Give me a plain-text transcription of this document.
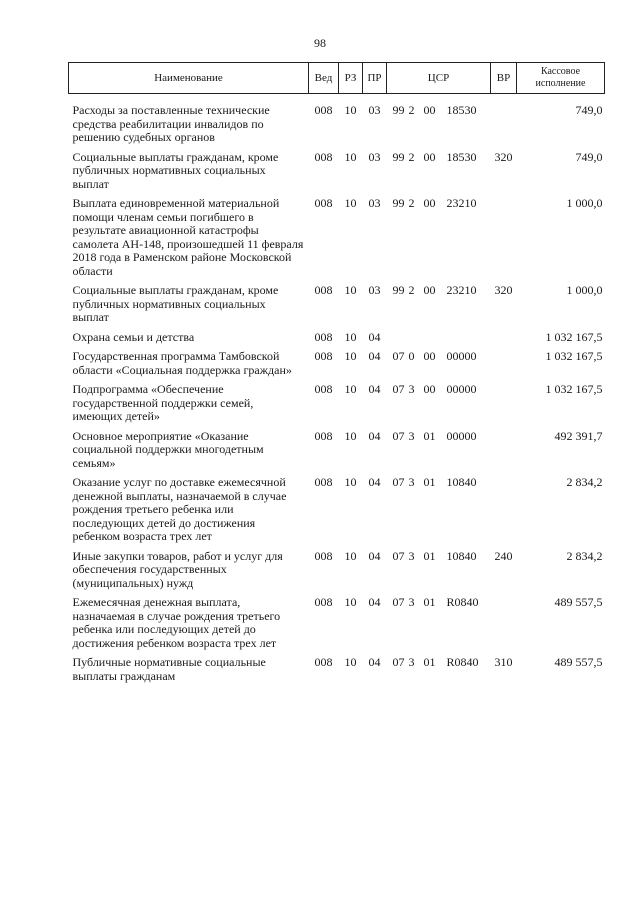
98
Наименование	Вед	РЗ	ПР	ЦСР	ВР	Кассовое
исполнение
Расходы за поставленные технические средства реабилитации инвалидов по решению судебных органов	008	10	03	99 2 00 18530		749,0
Социальные выплаты гражданам, кроме публичных нормативных социальных выплат	008	10	03	99 2 00 18530	320	749,0
Выплата единовременной материальной помощи членам семьи погибшего в результате авиационной катастрофы самолета АН-148, произошедшей 11 февраля 2018 года в Раменском районе Московской области	008	10	03	99 2 00 23210		1 000,0
Социальные выплаты гражданам, кроме публичных нормативных социальных выплат	008	10	03	99 2 00 23210	320	1 000,0
Охрана семьи и детства	008	10	04			1 032 167,5
Государственная программа Тамбовской области «Социальная поддержка граждан»	008	10	04	07 0 00 00000		1 032 167,5
Подпрограмма «Обеспечение государственной поддержки семей, имеющих детей»	008	10	04	07 3 00 00000		1 032 167,5
Основное мероприятие «Оказание социальной поддержки многодетным семьям»	008	10	04	07 3 01 00000		492 391,7
Оказание услуг по доставке ежемесячной денежной выплаты, назначаемой в случае рождения третьего ребенка или последующих детей до достижения ребенком возраста трех лет	008	10	04	07 3 01 10840		2 834,2
Иные закупки товаров, работ и услуг для обеспечения государственных (муниципальных) нужд	008	10	04	07 3 01 10840	240	2 834,2
Ежемесячная денежная выплата, назначаемая в случае рождения третьего ребенка или последующих детей до достижения ребенком возраста трех лет	008	10	04	07 3 01 R0840		489 557,5
Публичные нормативные социальные выплаты гражданам	008	10	04	07 3 01 R0840	310	489 557,5
